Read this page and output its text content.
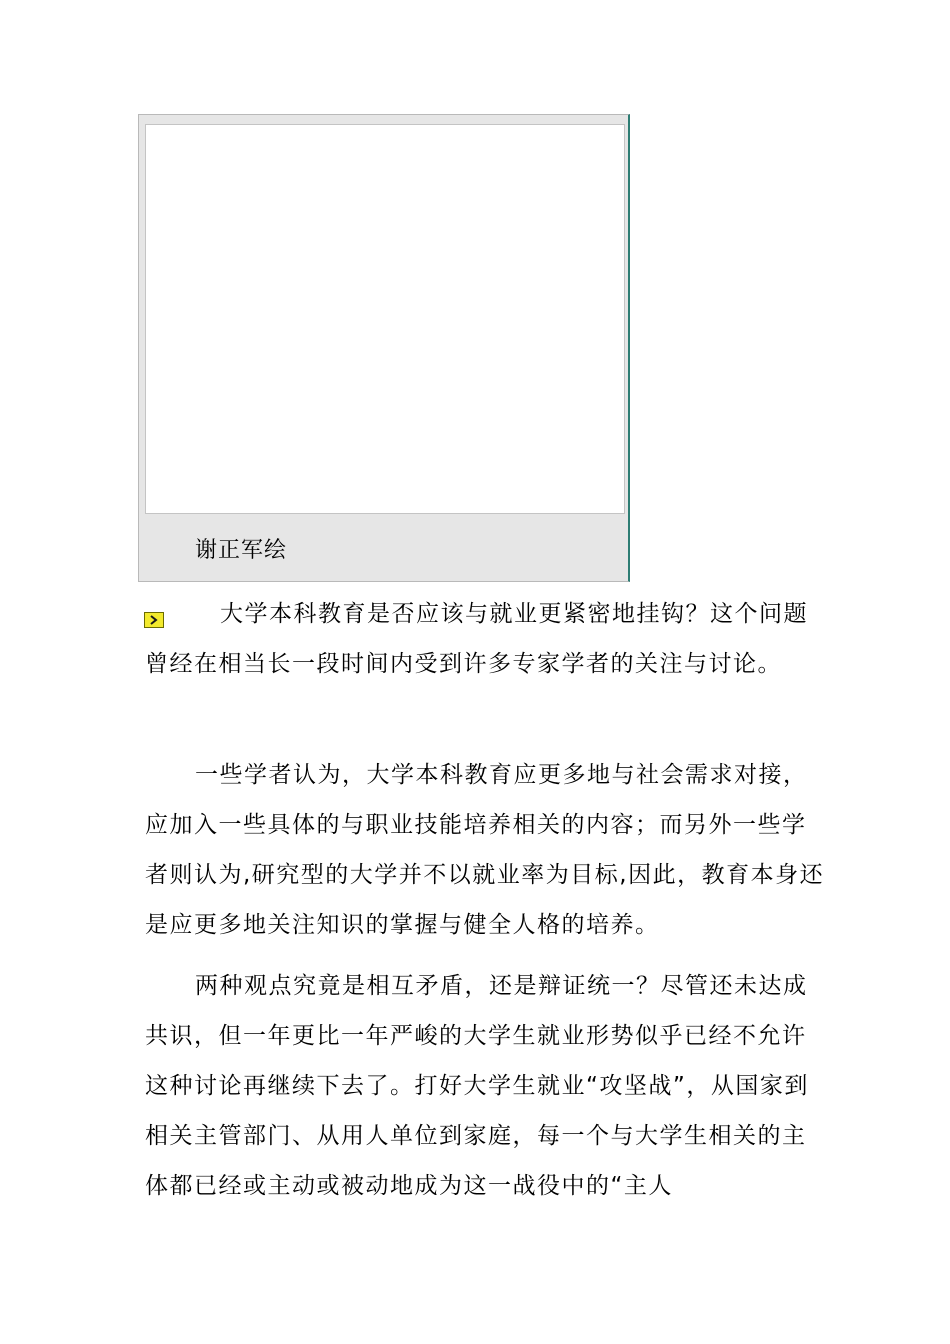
谢正军绘

大学本科教育是否应该与就业更紧密地挂钩？这个问题曾经在相当长一段时间内受到许多专家学者的关注与讨论。

一些学者认为，大学本科教育应更多地与社会需求对接，应加入一些具体的与职业技能培养相关的内容；而另外一些学者则认为,研究型的大学并不以就业率为目标,因此，教育本身还是应更多地关注知识的掌握与健全人格的培养。

两种观点究竟是相互矛盾，还是辩证统一？尽管还未达成共识，但一年更比一年严峻的大学生就业形势似乎已经不允许这种讨论再继续下去了。打好大学生就业“攻坚战”，从国家到相关主管部门、从用人单位到家庭，每一个与大学生相关的主体都已经或主动或被动地成为这一战役中的“主人
